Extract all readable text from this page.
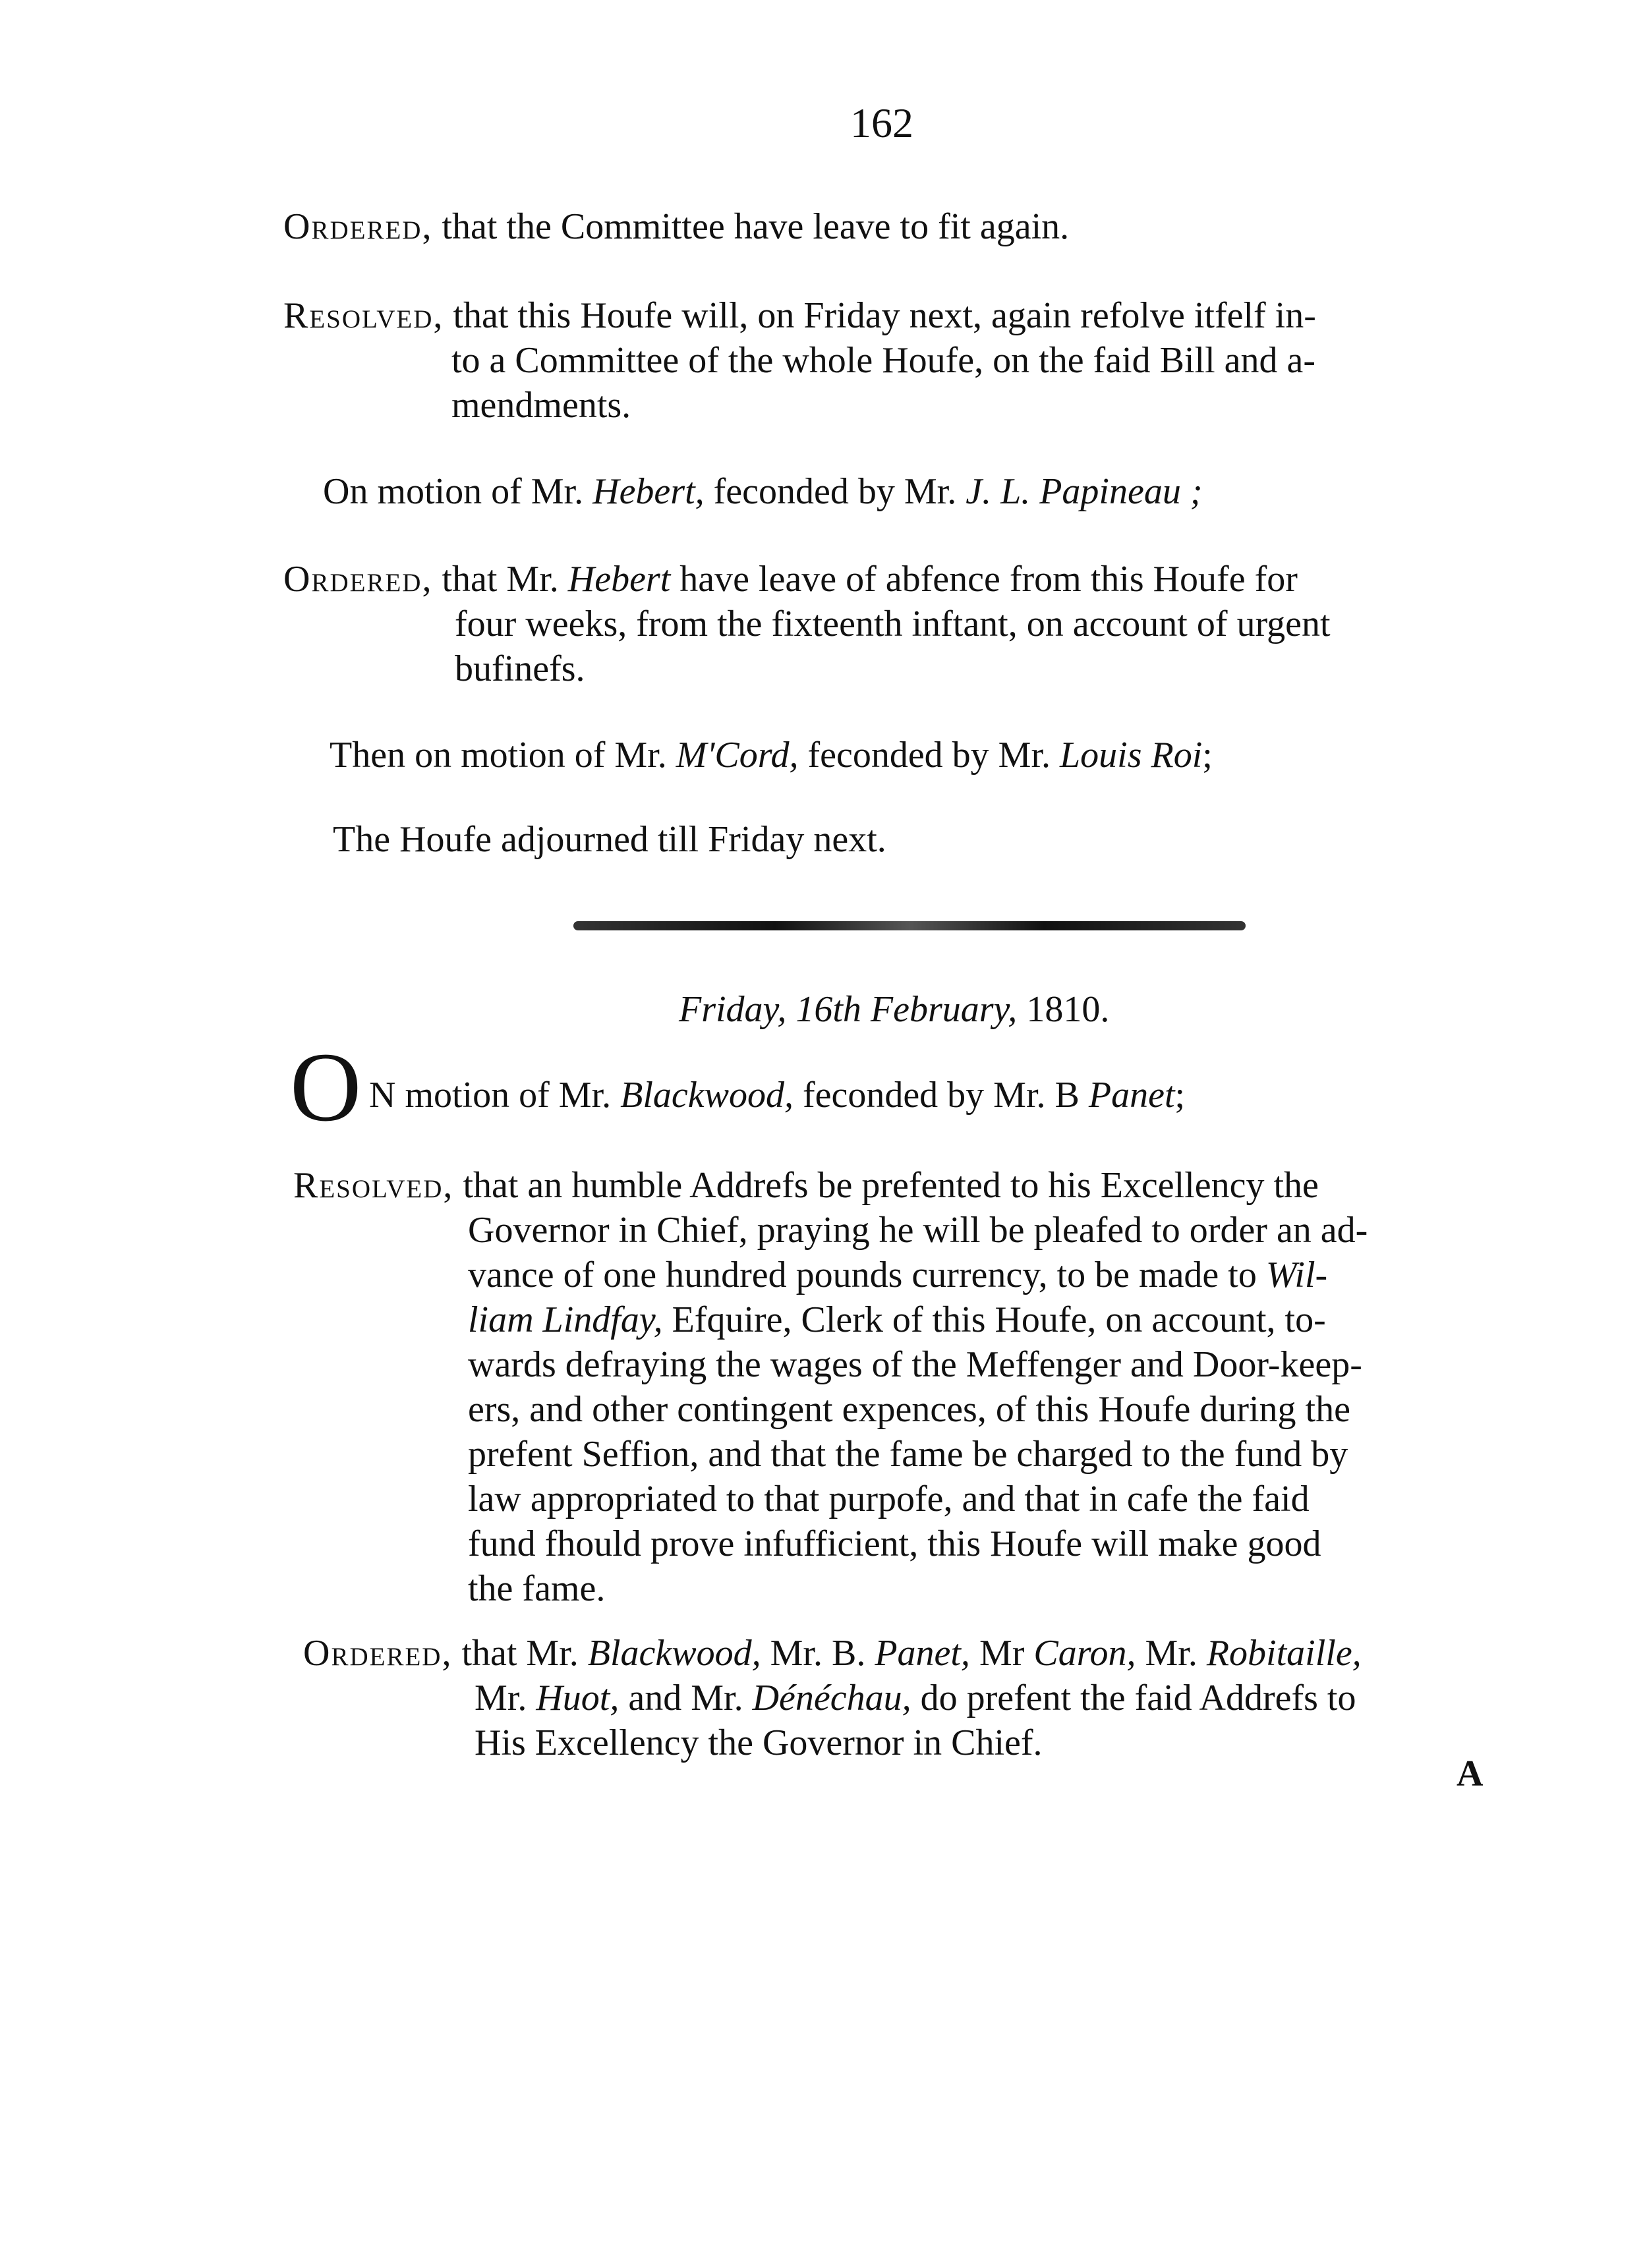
162
Ordered, that the Committee have leave to fit again.
Resolved, that this Houfe will, on Friday next, again refolve itfelf in-
to a Committee of the whole Houfe, on the faid Bill and a-
mendments.
On motion of Mr. Hebert, feconded by Mr. J. L. Papineau ;
Ordered, that Mr. Hebert have leave of abfence from this Houfe for
four weeks, from the fixteenth inftant, on account of urgent
bufinefs.
Then on motion of Mr. M'Cord, feconded by Mr. Louis Roi;
The Houfe adjourned till Friday next.
Friday, 16th February, 1810.
O N motion of Mr. Blackwood, feconded by Mr. B Panet;
Resolved, that an humble Addrefs be prefented to his Excellency the
Governor in Chief, praying he will be pleafed to order an ad-
vance of one hundred pounds currency, to be made to Wil-
liam Lindfay, Efquire, Clerk of this Houfe, on account, to-
wards defraying the wages of the Meffenger and Door-keep-
ers, and other contingent expences, of this Houfe during the
prefent Seffion, and that the fame be charged to the fund by
law appropriated to that purpofe, and that in cafe the faid
fund fhould prove infufficient, this Houfe will make good
the fame.
Ordered, that Mr. Blackwood, Mr. B. Panet, Mr Caron, Mr. Robitaille,
Mr. Huot, and Mr. Dénéchau, do prefent the faid Addrefs to
His Excellency the Governor in Chief.
A
